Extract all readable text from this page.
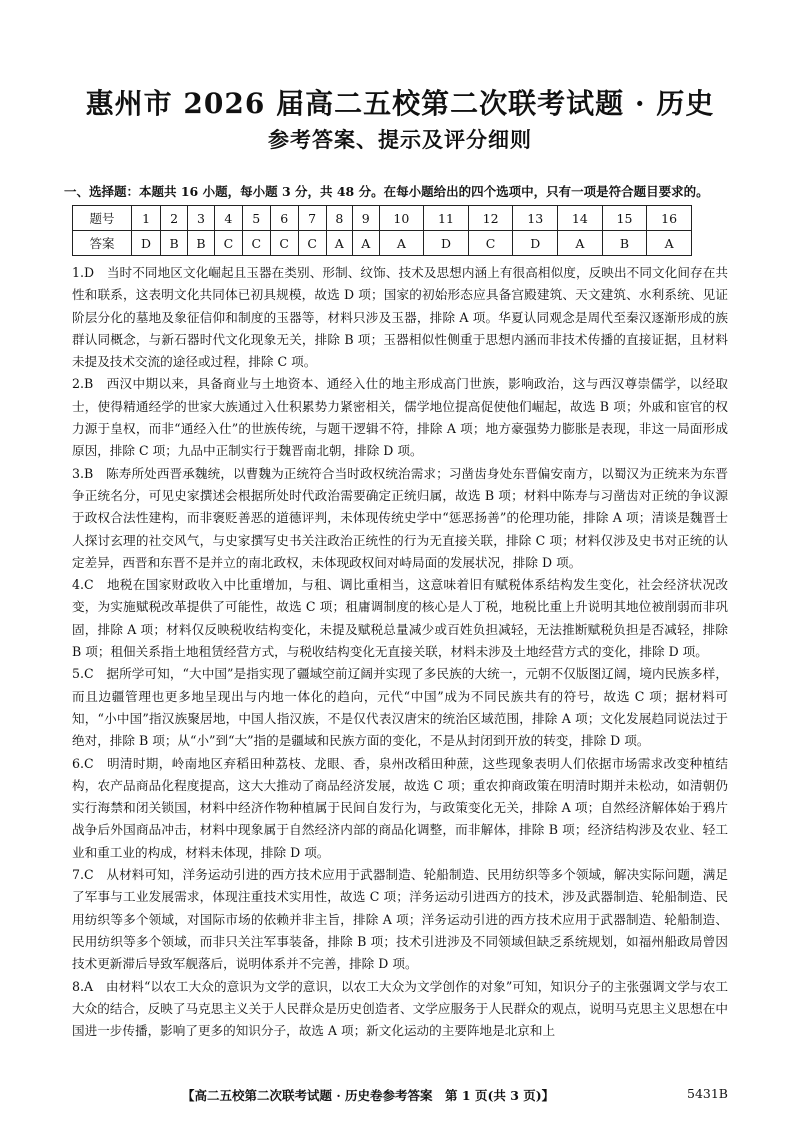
惠州市 2026 届高二五校第二次联考试题 · 历史
参考答案、提示及评分细则
一、选择题：本题共 16 小题，每小题 3 分，共 48 分。在每小题给出的四个选项中，只有一项是符合题目要求的。
题号	1	2	3	4	5	6	7	8	9	10	11	12	13	14	15	16
答案	D	B	B	C	C	C	C	A	A	A	D	C	D	A	B	A

1.D　当时不同地区文化崛起且玉器在类别、形制、纹饰、技术及思想内涵上有很高相似度，反映出不同文化间存在共性和联系，这表明文化共同体已初具规模，故选 D 项；国家的初始形态应具备宫殿建筑、天文建筑、水利系统、见证阶层分化的墓地及象征信仰和制度的玉器等，材料只涉及玉器，排除 A 项。华夏认同观念是周代至秦汉逐渐形成的族群认同概念，与新石器时代文化现象无关，排除 B 项；玉器相似性侧重于思想内涵而非技术传播的直接证据，且材料未提及技术交流的途径或过程，排除 C 项。

2.B　西汉中期以来，具备商业与土地资本、通经入仕的地主形成高门世族，影响政治，这与西汉尊崇儒学，以经取士，使得精通经学的世家大族通过入仕积累势力紧密相关，儒学地位提高促使他们崛起，故选 B 项；外戚和宦官的权力源于皇权，而非“通经入仕”的世族传统，与题干逻辑不符，排除 A 项；地方豪强势力膨胀是表现，非这一局面形成原因，排除 C 项；九品中正制实行于魏晋南北朝，排除 D 项。

3.B　陈寿所处西晋承魏统，以曹魏为正统符合当时政权统治需求；习凿齿身处东晋偏安南方，以蜀汉为正统来为东晋争正统名分，可见史家撰述会根据所处时代政治需要确定正统归属，故选 B 项；材料中陈寿与习凿齿对正统的争议源于政权合法性建构，而非褒贬善恶的道德评判，未体现传统史学中“惩恶扬善”的伦理功能，排除 A 项；清谈是魏晋士人探讨玄理的社交风气，与史家撰写史书关注政治正统性的行为无直接关联，排除 C 项；材料仅涉及史书对正统的认定差异，西晋和东晋不是并立的南北政权，未体现政权间对峙局面的发展状况，排除 D 项。

4.C　地税在国家财政收入中比重增加，与租、调比重相当，这意味着旧有赋税体系结构发生变化，社会经济状况改变，为实施赋税改革提供了可能性，故选 C 项；租庸调制度的核心是人丁税，地税比重上升说明其地位被削弱而非巩固，排除 A 项；材料仅反映税收结构变化，未提及赋税总量减少或百姓负担减轻，无法推断赋税负担是否减轻，排除 B 项；租佃关系指土地租赁经营方式，与税收结构变化无直接关联，材料未涉及土地经营方式的变化，排除 D 项。

5.C　据所学可知，“大中国”是指实现了疆域空前辽阔并实现了多民族的大统一，元朝不仅版图辽阔，境内民族多样，而且边疆管理也更多地呈现出与内地一体化的趋向，元代“中国”成为不同民族共有的符号，故选 C 项；据材料可知，“小中国”指汉族聚居地，中国人指汉族，不是仅代表汉唐宋的统治区域范围，排除 A 项；文化发展趋同说法过于绝对，排除 B 项；从“小”到“大”指的是疆域和民族方面的变化，不是从封闭到开放的转变，排除 D 项。

6.C　明清时期，岭南地区弃稻田种荔枝、龙眼、香，泉州改稻田种蔗，这些现象表明人们依据市场需求改变种植结构，农产品商品化程度提高，这大大推动了商品经济发展，故选 C 项；重农抑商政策在明清时期并未松动，如清朝仍实行海禁和闭关锁国，材料中经济作物种植属于民间自发行为，与政策变化无关，排除 A 项；自然经济解体始于鸦片战争后外国商品冲击，材料中现象属于自然经济内部的商品化调整，而非解体，排除 B 项；经济结构涉及农业、轻工业和重工业的构成，材料未体现，排除 D 项。

7.C　从材料可知，洋务运动引进的西方技术应用于武器制造、轮船制造、民用纺织等多个领域，解决实际问题，满足了军事与工业发展需求，体现注重技术实用性，故选 C 项；洋务运动引进西方的技术，涉及武器制造、轮船制造、民用纺织等多个领域，对国际市场的依赖并非主旨，排除 A 项；洋务运动引进的西方技术应用于武器制造、轮船制造、民用纺织等多个领域，而非只关注军事装备，排除 B 项；技术引进涉及不同领域但缺乏系统规划，如福州船政局曾因技术更新滞后导致军舰落后，说明体系并不完善，排除 D 项。

8.A　由材料“以农工大众的意识为文学的意识，以农工大众为文学创作的对象”可知，知识分子的主张强调文学与农工大众的结合，反映了马克思主义关于人民群众是历史创造者、文学应服务于人民群众的观点，说明马克思主义思想在中国进一步传播，影响了更多的知识分子，故选 A 项；新文化运动的主要阵地是北京和上

【高二五校第二次联考试题 · 历史卷参考答案　第 1 页(共 3 页)】	5431B
